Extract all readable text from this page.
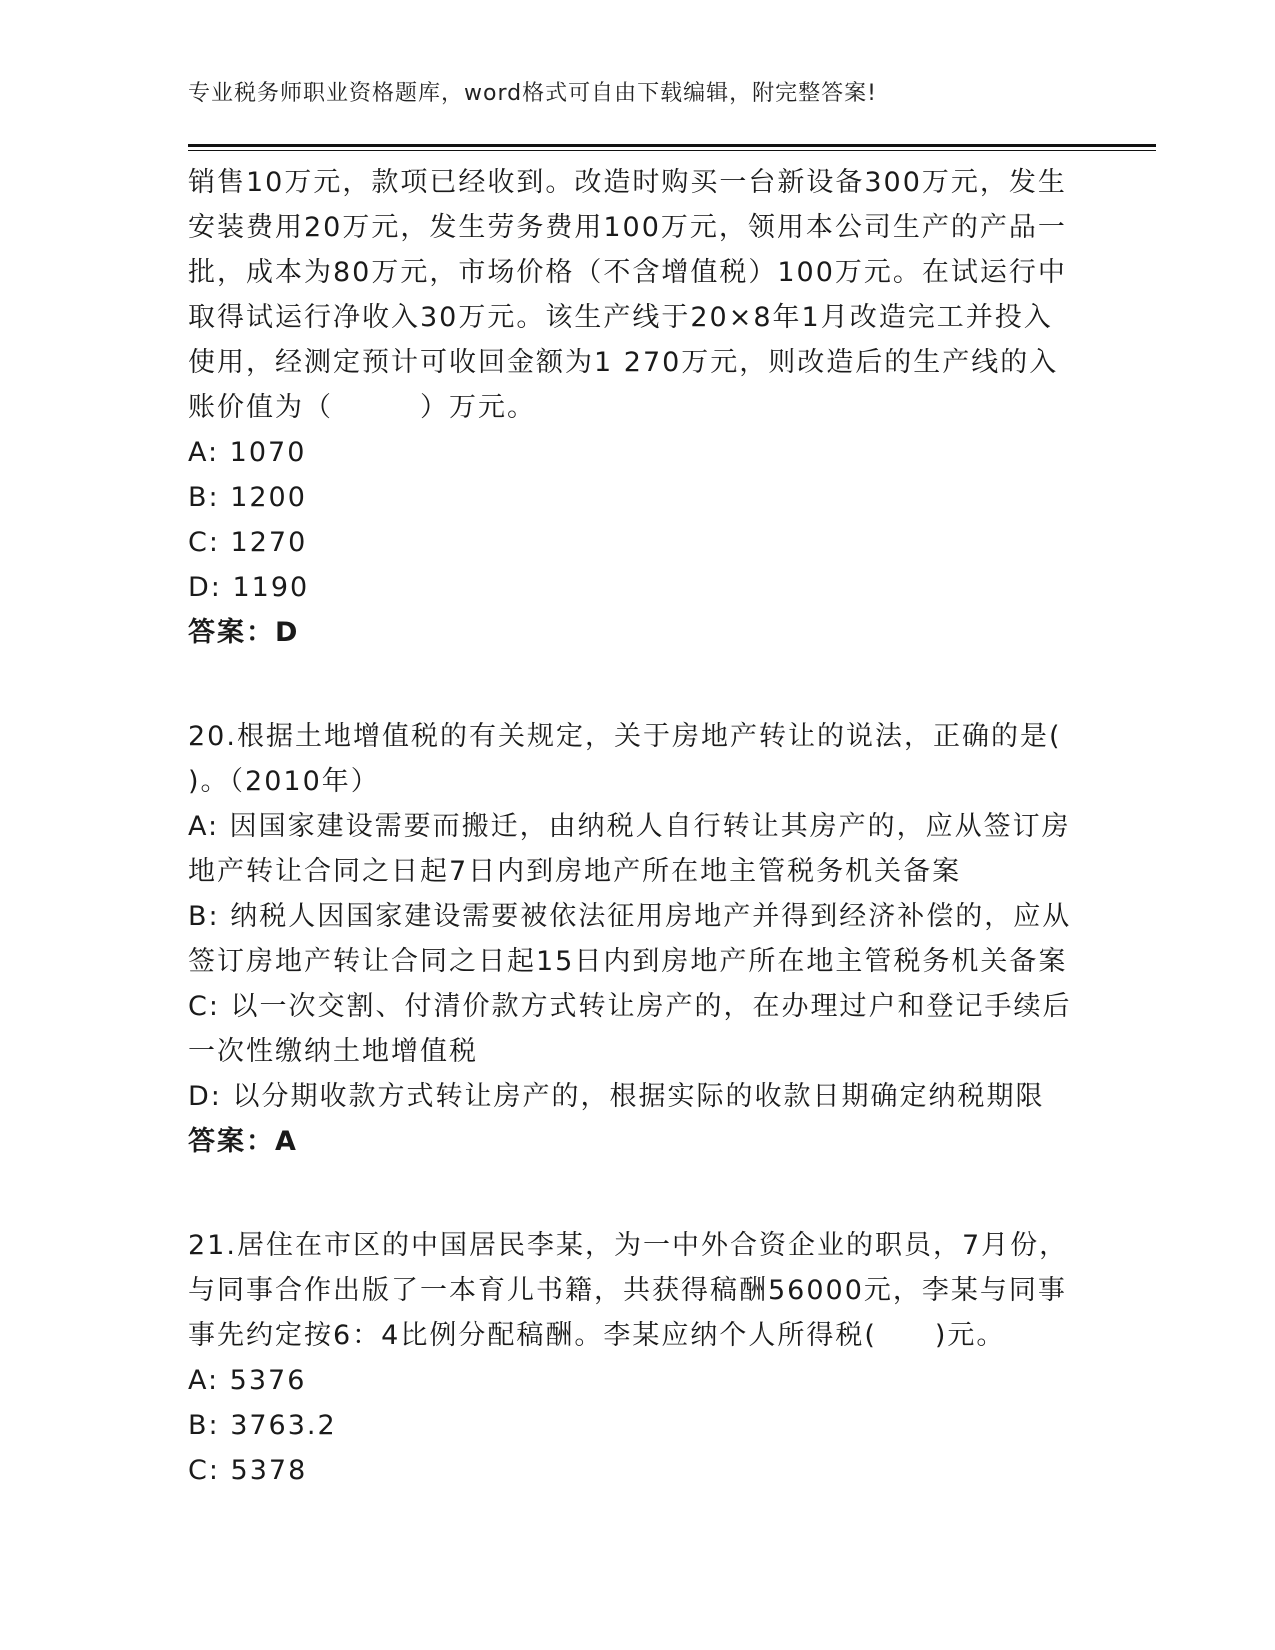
专业税务师职业资格题库，word格式可自由下载编辑，附完整答案!
销售10万元，款项已经收到。改造时购买一台新设备300万元，发生
安装费用20万元，发生劳务费用100万元，领用本公司生产的产品一
批，成本为80万元，市场价格（不含增值税）100万元。在试运行中
取得试运行净收入30万元。该生产线于20×8年1月改造完工并投入
使用，经测定预计可收回金额为1 270万元，则改造后的生产线的入
账价值为（　　　）万元。
A: 1070
B: 1200
C: 1270
D: 1190
答案：D
20.根据土地增值税的有关规定，关于房地产转让的说法，正确的是(
)。（2010年）
A: 因国家建设需要而搬迁，由纳税人自行转让其房产的，应从签订房
地产转让合同之日起7日内到房地产所在地主管税务机关备案
B: 纳税人因国家建设需要被依法征用房地产并得到经济补偿的，应从
签订房地产转让合同之日起15日内到房地产所在地主管税务机关备案
C: 以一次交割、付清价款方式转让房产的，在办理过户和登记手续后
一次性缴纳土地增值税
D: 以分期收款方式转让房产的，根据实际的收款日期确定纳税期限
答案：A
21.居住在市区的中国居民李某，为一中外合资企业的职员，7月份，
与同事合作出版了一本育儿书籍，共获得稿酬56000元，李某与同事
事先约定按6：4比例分配稿酬。李某应纳个人所得税(　　)元。
A: 5376
B: 3763.2
C: 5378
